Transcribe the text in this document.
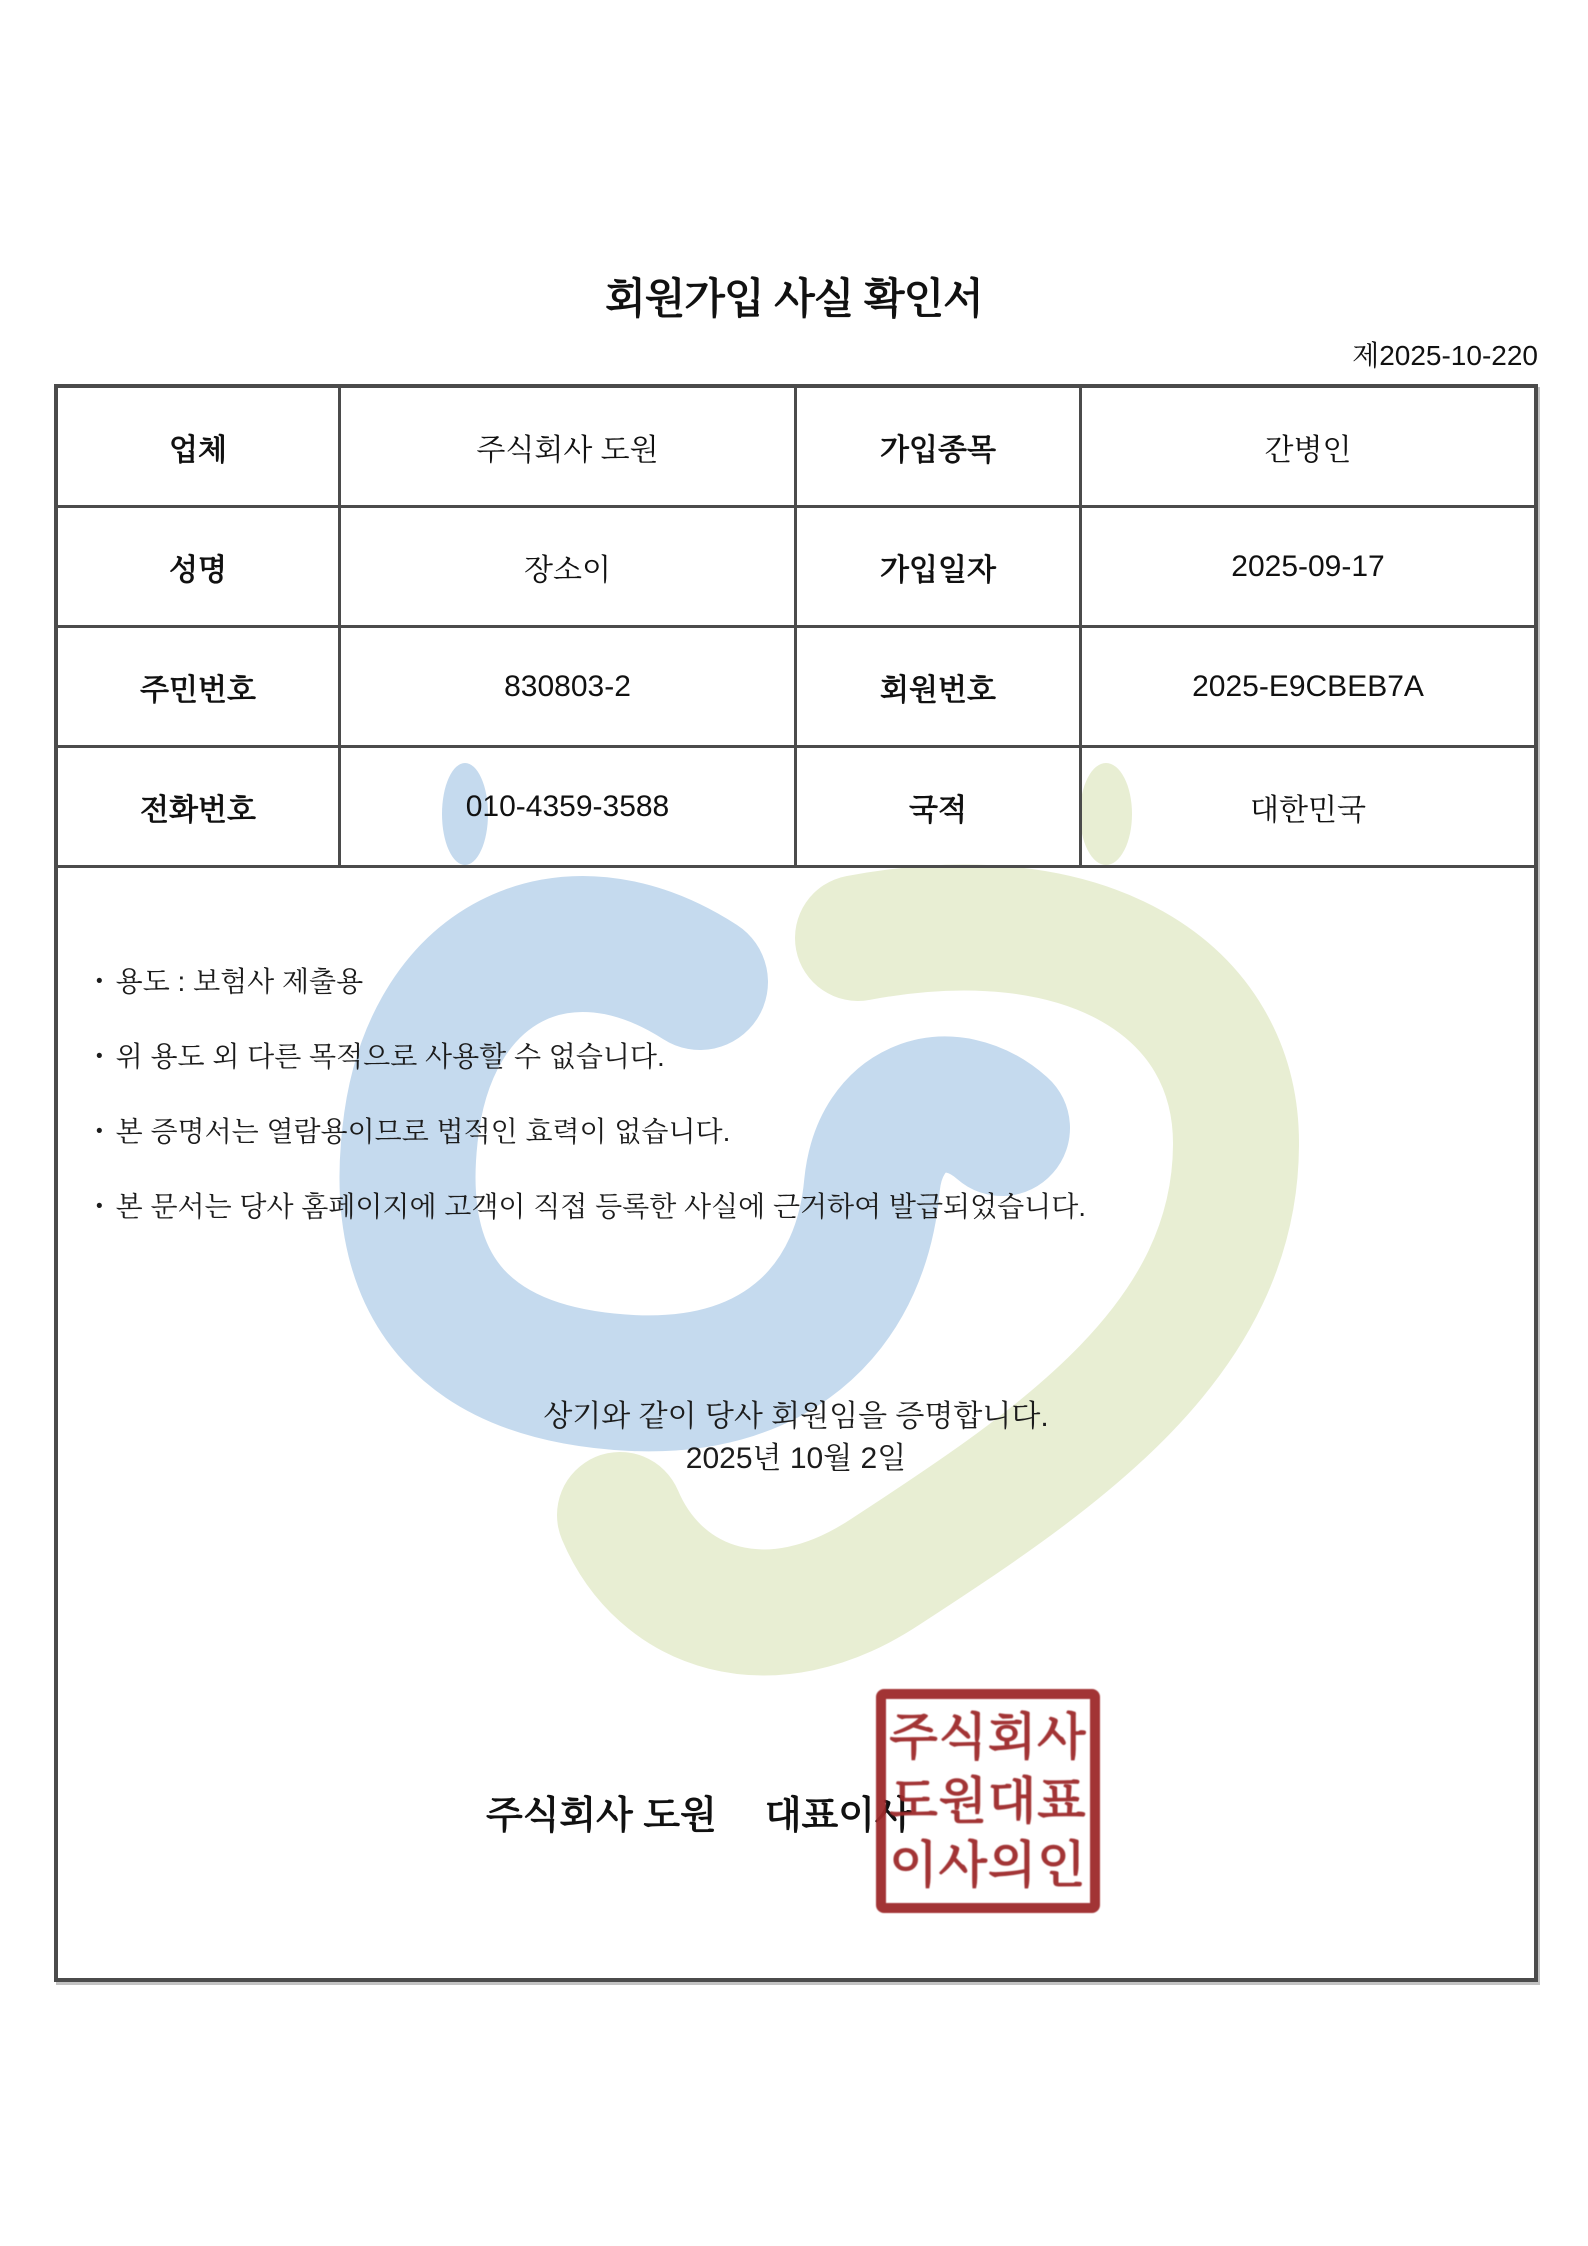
회원가입 사실 확인서
제2025-10-220
업체	주식회사 도원	가입종목	간병인
성명	장소이	가입일자	2025-09-17
주민번호	830803-2	회원번호	2025-E9CBEB7A
전화번호	010-4359-3588	국적	대한민국
• 용도 : 보험사 제출용
• 위 용도 외 다른 목적으로 사용할 수 없습니다.
• 본 증명서는 열람용이므로 법적인 효력이 없습니다.
• 본 문서는 당사 홈페이지에 고객이 직접 등록한 사실에 근거하여 발급되었습니다.
상기와 같이 당사 회원임을 증명합니다.
2025년 10월 2일
주식회사 도원 대표이사
주식회사
도원대표
이사의인
